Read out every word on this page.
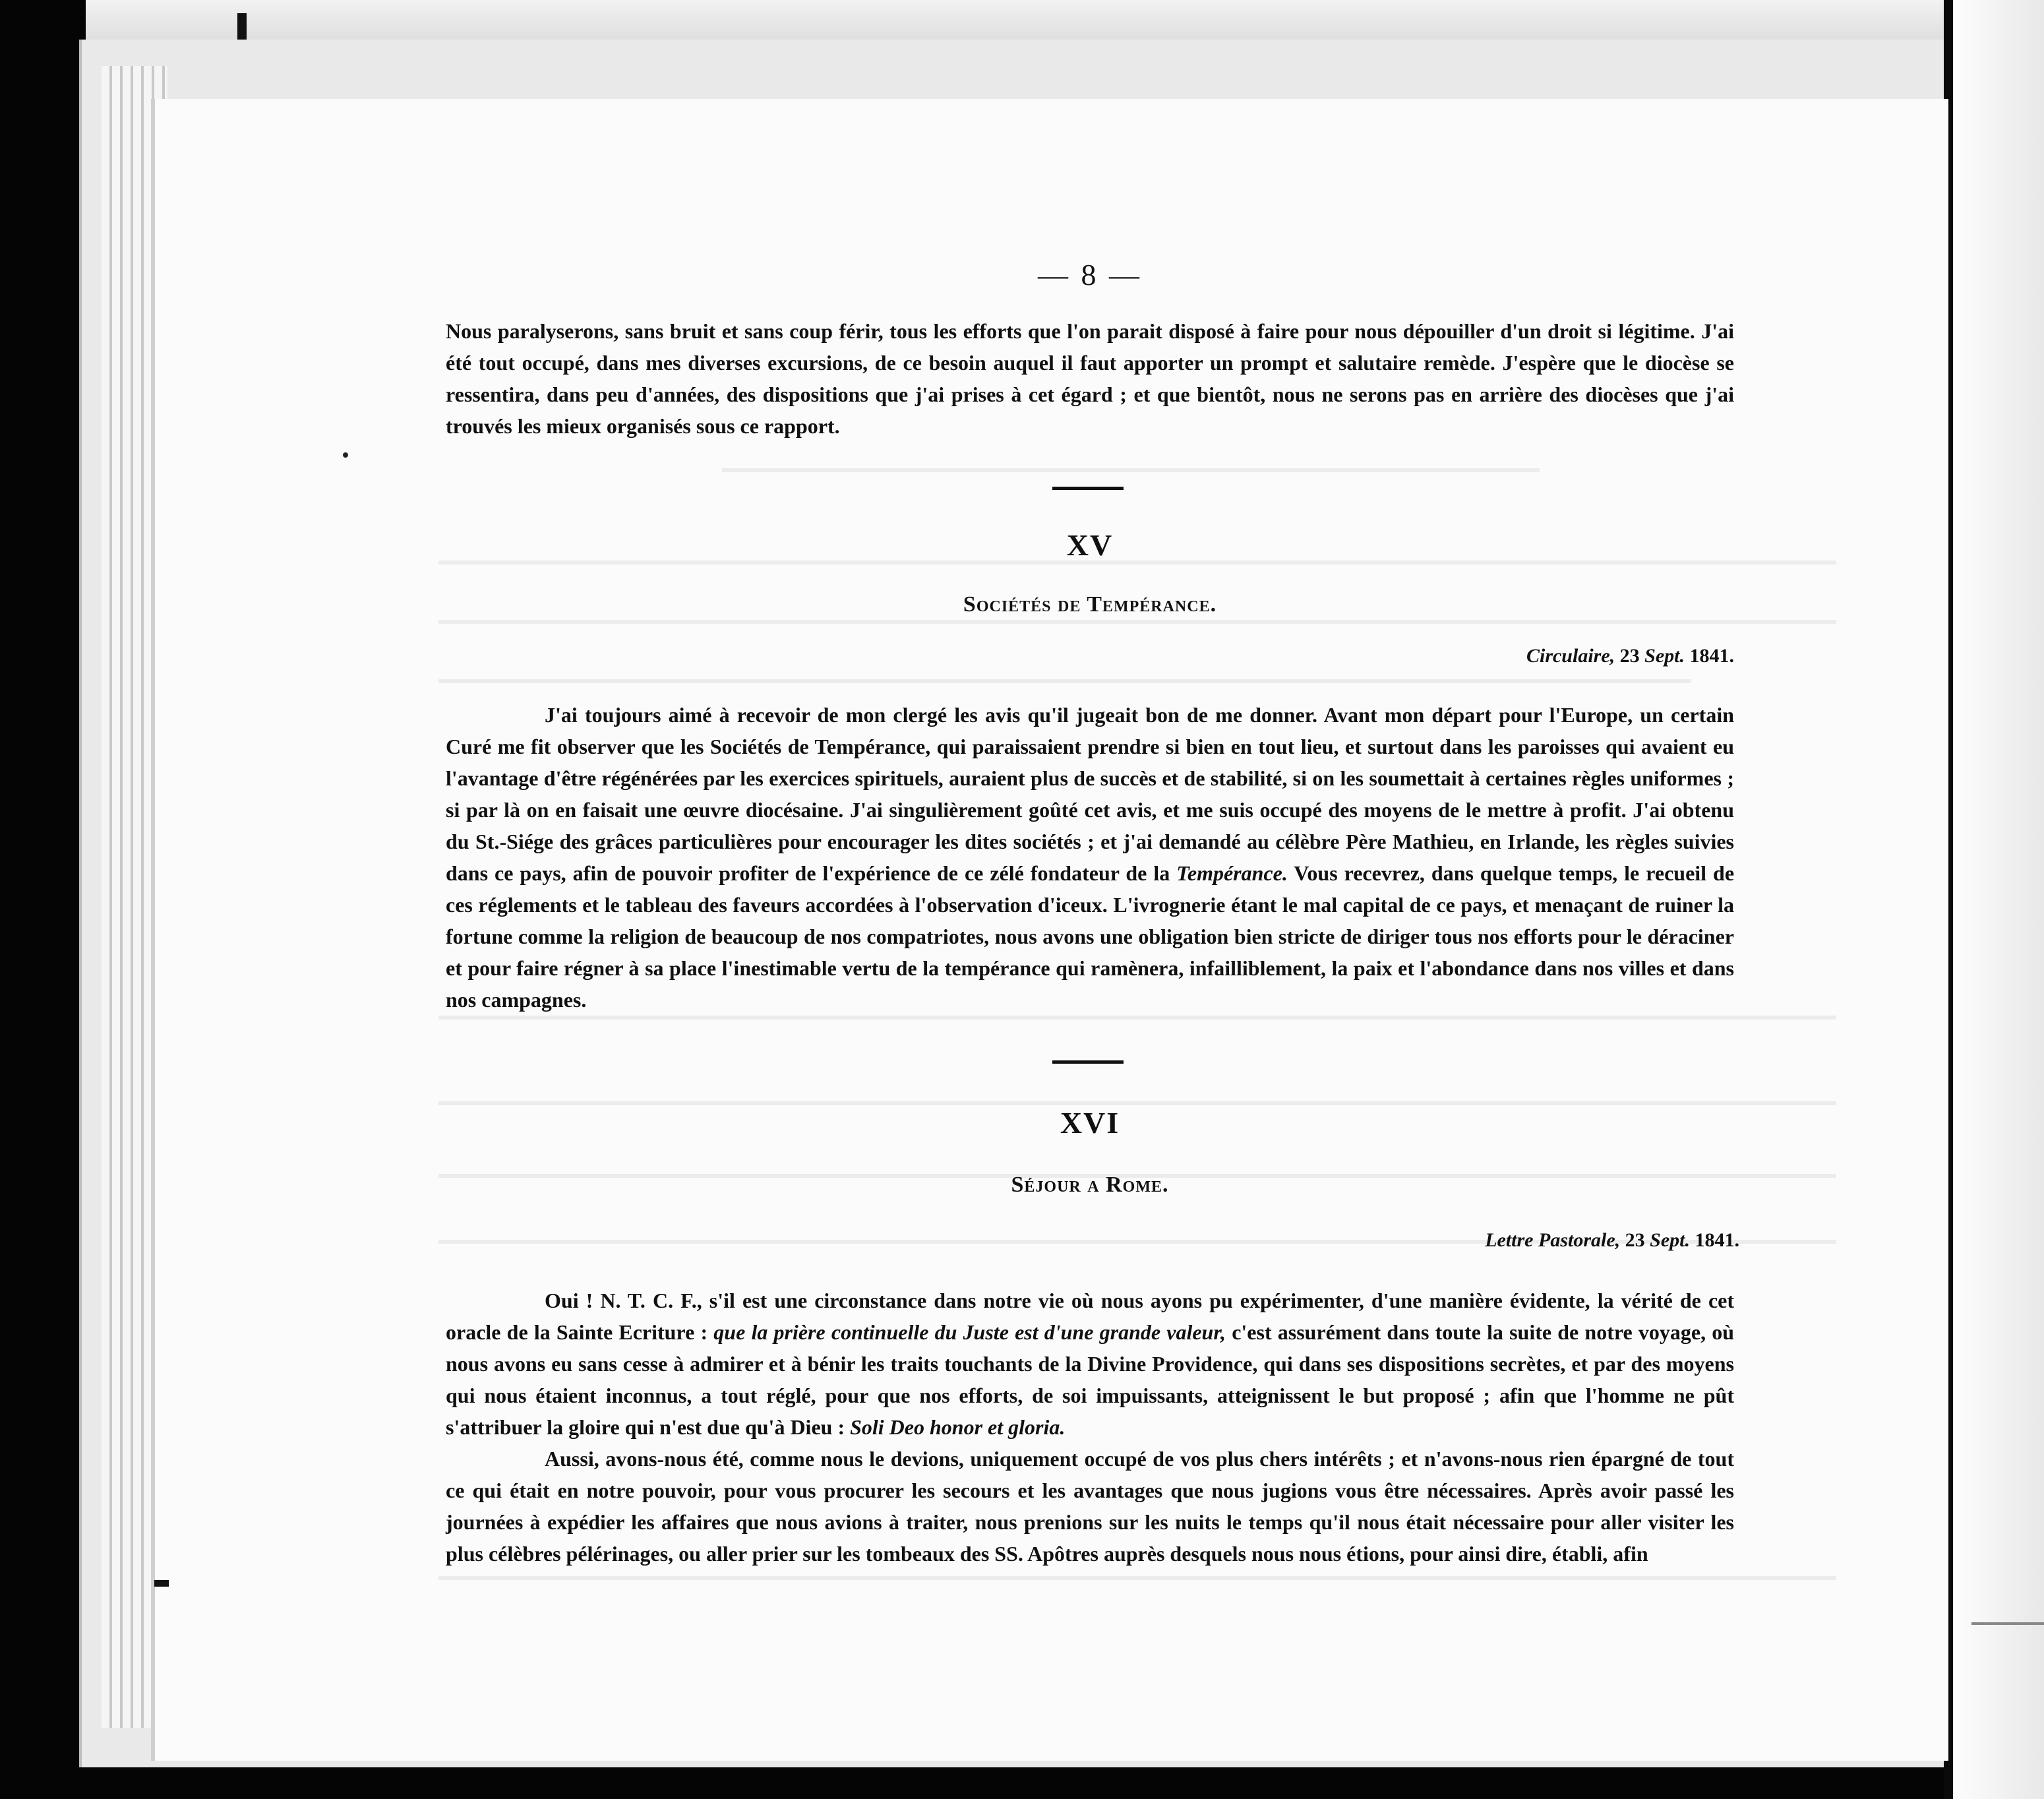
— 8 —

Nous paralyserons, sans bruit et sans coup férir, tous les efforts que l'on parait disposé à faire pour nous dépouiller d'un droit si légitime. J'ai été tout occupé, dans mes diverses excursions, de ce besoin auquel il faut apporter un prompt et salutaire remède. J'espère que le diocèse se ressentira, dans peu d'années, des dispositions que j'ai prises à cet égard ; et que bientôt, nous ne serons pas en arrière des diocèses que j'ai trouvés les mieux organisés sous ce rapport.

XV
Sociétés de Tempérance.
Circulaire, 23 Sept. 1841.

J'ai toujours aimé à recevoir de mon clergé les avis qu'il jugeait bon de me donner. Avant mon départ pour l'Europe, un certain Curé me fit observer que les Sociétés de Tempérance, qui paraissaient prendre si bien en tout lieu, et surtout dans les paroisses qui avaient eu l'avantage d'être régénérées par les exercices spirituels, auraient plus de succès et de stabilité, si on les soumettait à certaines règles uniformes ; si par là on en faisait une œuvre diocésaine. J'ai singulièrement goûté cet avis, et me suis occupé des moyens de le mettre à profit. J'ai obtenu du St.-Siége des grâces particulières pour encourager les dites sociétés ; et j'ai demandé au célèbre Père Mathieu, en Irlande, les règles suivies dans ce pays, afin de pouvoir profiter de l'expérience de ce zélé fondateur de la Tempérance. Vous recevrez, dans quelque temps, le recueil de ces réglements et le tableau des faveurs accordées à l'observation d'iceux. L'ivrognerie étant le mal capital de ce pays, et menaçant de ruiner la fortune comme la religion de beaucoup de nos compatriotes, nous avons une obligation bien stricte de diriger tous nos efforts pour le déraciner et pour faire régner à sa place l'inestimable vertu de la tempérance qui ramènera, infailliblement, la paix et l'abondance dans nos villes et dans nos campagnes.

XVI
Séjour a Rome.
Lettre Pastorale, 23 Sept. 1841.

Oui ! N. T. C. F., s'il est une circonstance dans notre vie où nous ayons pu expérimenter, d'une manière évidente, la vérité de cet oracle de la Sainte Ecriture : que la prière continuelle du Juste est d'une grande valeur, c'est assurément dans toute la suite de notre voyage, où nous avons eu sans cesse à admirer et à bénir les traits touchants de la Divine Providence, qui dans ses dispositions secrètes, et par des moyens qui nous étaient inconnus, a tout réglé, pour que nos efforts, de soi impuissants, atteignissent le but proposé ; afin que l'homme ne pût s'attribuer la gloire qui n'est due qu'à Dieu : Soli Deo honor et gloria.

Aussi, avons-nous été, comme nous le devions, uniquement occupé de vos plus chers intérêts ; et n'avons-nous rien épargné de tout ce qui était en notre pouvoir, pour vous procurer les secours et les avantages que nous jugions vous être nécessaires. Après avoir passé les journées à expédier les affaires que nous avions à traiter, nous prenions sur les nuits le temps qu'il nous était nécessaire pour aller visiter les plus célèbres pélérinages, ou aller prier sur les tombeaux des SS. Apôtres auprès desquels nous nous étions, pour ainsi dire, établi, afin
